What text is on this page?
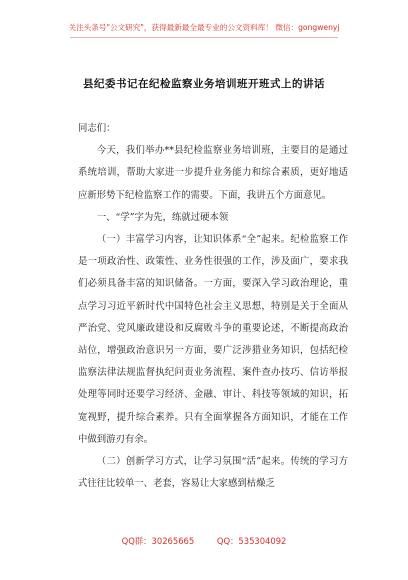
关注头条号"公文研究"，获得最新最全最专业的公文资料库！ 微信：gongwenyj
县纪委书记在纪检监察业务培训班开班式上的讲话

同志们：

今天，我们举办**县纪检监察业务培训班，主要目的是通过系统培训，帮助大家进一步提升业务能力和综合素质，更好地适应新形势下纪检监察工作的需要。下面，我讲五个方面意见。

一、“学”字为先，练就过硬本领

（一）丰富学习内容，让知识体系“全”起来。纪检监察工作是一项政治性、政策性、业务性很强的工作，涉及面广，要求我们必须具备丰富的知识储备。一方面，要深入学习政治理论，重点学习习近平新时代中国特色社会主义思想，特别是关于全面从严治党、党风廉政建设和反腐败斗争的重要论述，不断提高政治站位，增强政治意识另一方面，要广泛涉猎业务知识，包括纪检监察法律法规监督执纪问责业务流程、案件查办技巧、信访举报处理等同时还要学习经济、金融、审计、科技等领域的知识，拓宽视野，提升综合素养。只有全面掌握各方面知识，才能在工作中做到游刃有余。

（二）创新学习方式，让学习氛围“活”起来。传统的学习方式往往比较单一、老套，容易让大家感到枯燥乏

QQ群：30265665	QQ：535304092
